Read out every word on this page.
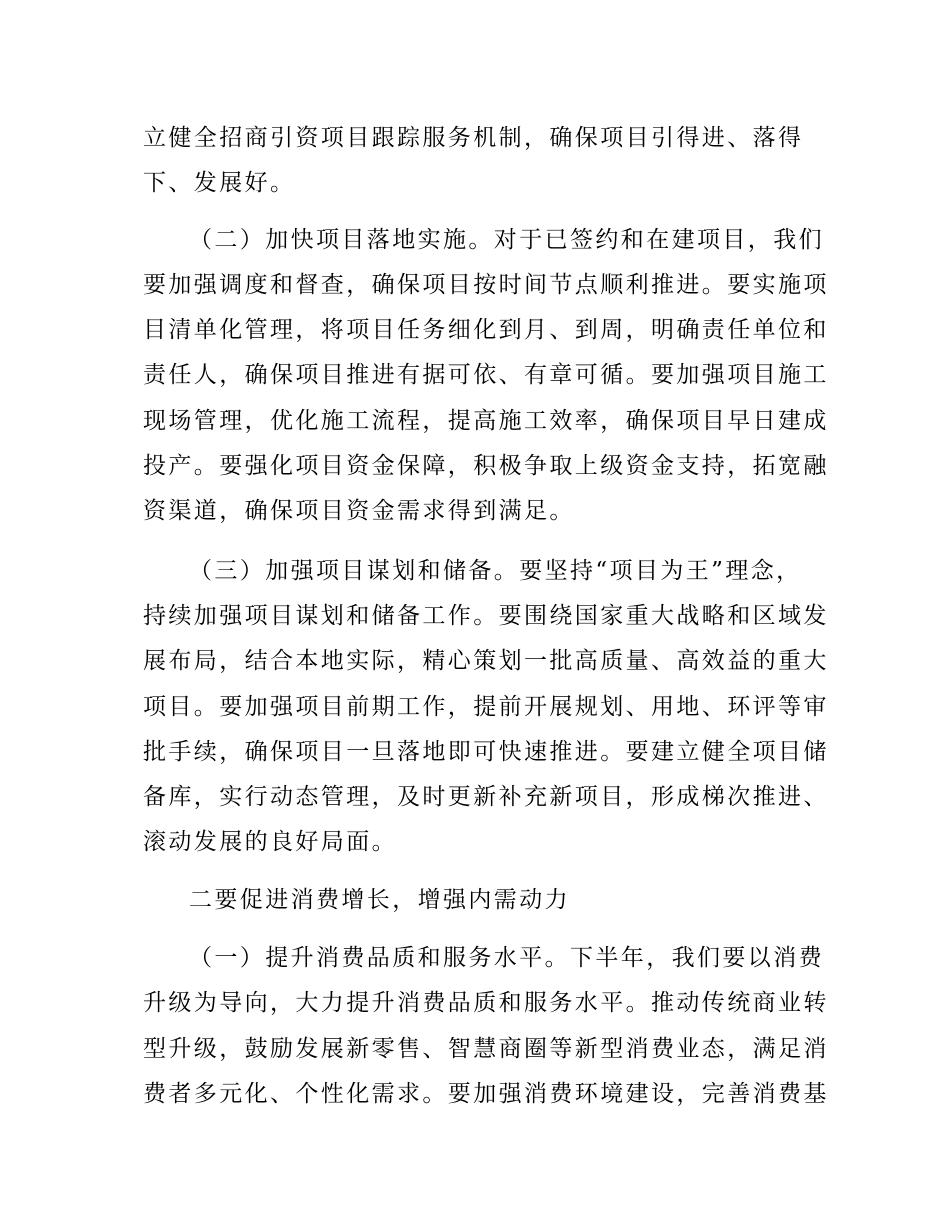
立健全招商引资项目跟踪服务机制，确保项目引得进、落得
下、发展好。

（二）加快项目落地实施。对于已签约和在建项目，我们
要加强调度和督查，确保项目按时间节点顺利推进。要实施项
目清单化管理，将项目任务细化到月、到周，明确责任单位和
责任人，确保项目推进有据可依、有章可循。要加强项目施工
现场管理，优化施工流程，提高施工效率，确保项目早日建成
投产。要强化项目资金保障，积极争取上级资金支持，拓宽融
资渠道，确保项目资金需求得到满足。

（三）加强项目谋划和储备。要坚持“项目为王”理念，
持续加强项目谋划和储备工作。要围绕国家重大战略和区域发
展布局，结合本地实际，精心策划一批高质量、高效益的重大
项目。要加强项目前期工作，提前开展规划、用地、环评等审
批手续，确保项目一旦落地即可快速推进。要建立健全项目储
备库，实行动态管理，及时更新补充新项目，形成梯次推进、
滚动发展的良好局面。

二要促进消费增长，增强内需动力

（一）提升消费品质和服务水平。下半年，我们要以消费
升级为导向，大力提升消费品质和服务水平。推动传统商业转
型升级，鼓励发展新零售、智慧商圈等新型消费业态，满足消
费者多元化、个性化需求。要加强消费环境建设，完善消费基
